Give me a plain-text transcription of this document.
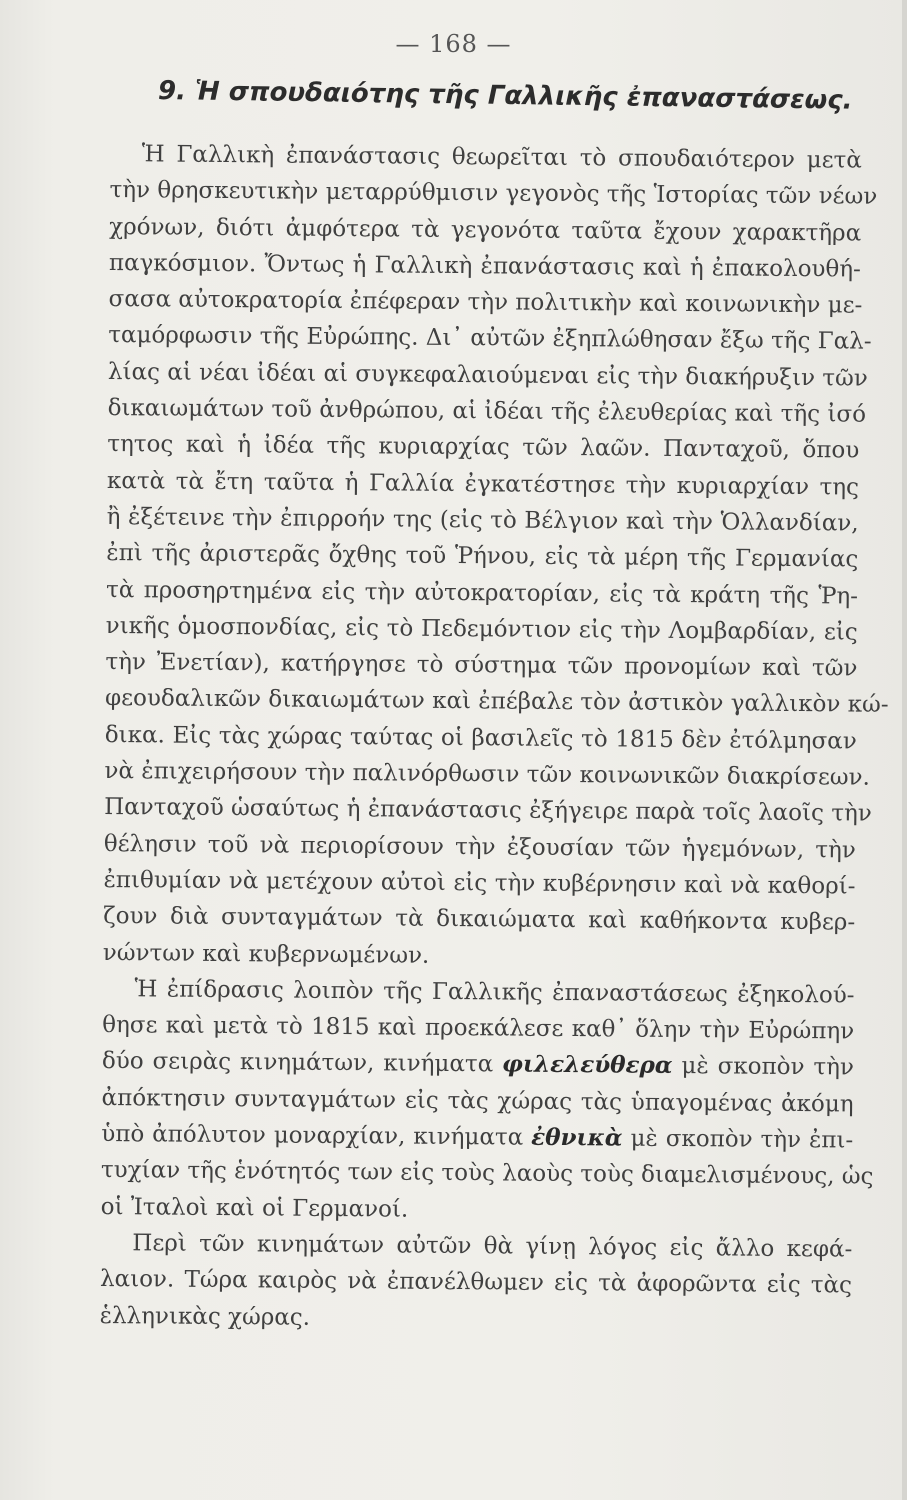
— 168 —
9. Ἡ σπουδαιότης τῆς Γαλλικῆς ἐπαναστάσεως.
Ἡ Γαλλικὴ ἐπανάστασις θεωρεῖται τὸ σπουδαιότερον μετὰ
τὴν θρησκευτικὴν μεταρρύθμισιν γεγονὸς τῆς Ἱστορίας τῶν νέων
χρόνων, διότι ἀμφότερα τὰ γεγονότα ταῦτα ἔχουν χαρακτῆρα
παγκόσμιον. Ὄντως ἡ Γαλλικὴ ἐπανάστασις καὶ ἡ ἐπακολουθή-
σασα αὐτοκρατορία ἐπέφεραν τὴν πολιτικὴν καὶ κοινωνικὴν με-
ταμόρφωσιν τῆς Εὐρώπης. Δι᾽ αὐτῶν ἐξηπλώθησαν ἔξω τῆς Γαλ-
λίας αἱ νέαι ἰδέαι αἱ συγκεφαλαιούμεναι εἰς τὴν διακήρυξιν τῶν
δικαιωμάτων τοῦ ἀνθρώπου, αἱ ἰδέαι τῆς ἐλευθερίας καὶ τῆς ἰσό
τητος καὶ ἡ ἰδέα τῆς κυριαρχίας τῶν λαῶν. Πανταχοῦ, ὅπου
κατὰ τὰ ἔτη ταῦτα ἡ Γαλλία ἐγκατέστησε τὴν κυριαρχίαν της
ἢ ἐξέτεινε τὴν ἐπιρροήν της (εἰς τὸ Βέλγιον καὶ τὴν Ὁλλανδίαν,
ἐπὶ τῆς ἀριστερᾶς ὄχθης τοῦ Ῥήνου, εἰς τὰ μέρη τῆς Γερμανίας
τὰ προσηρτημένα εἰς τὴν αὐτοκρατορίαν, εἰς τὰ κράτη τῆς Ῥη-
νικῆς ὁμοσπονδίας, εἰς τὸ Πεδεμόντιον εἰς τὴν Λομβαρδίαν, εἰς
τὴν Ἐνετίαν), κατήργησε τὸ σύστημα τῶν προνομίων καὶ τῶν
φεουδαλικῶν δικαιωμάτων καὶ ἐπέβαλε τὸν ἀστικὸν γαλλικὸν κώ-
δικα. Εἰς τὰς χώρας ταύτας οἱ βασιλεῖς τὸ 1815 δὲν ἐτόλμησαν
νὰ ἐπιχειρήσουν τὴν παλινόρθωσιν τῶν κοινωνικῶν διακρίσεων.
Πανταχοῦ ὡσαύτως ἡ ἐπανάστασις ἐξήγειρε παρὰ τοῖς λαοῖς τὴν
θέλησιν τοῦ νὰ περιορίσουν τὴν ἐξουσίαν τῶν ἡγεμόνων, τὴν
ἐπιθυμίαν νὰ μετέχουν αὐτοὶ εἰς τὴν κυβέρνησιν καὶ νὰ καθορί-
ζουν διὰ συνταγμάτων τὰ δικαιώματα καὶ καθήκοντα κυβερ-
νώντων καὶ κυβερνωμένων.
Ἡ ἐπίδρασις λοιπὸν τῆς Γαλλικῆς ἐπαναστάσεως ἐξηκολού-
θησε καὶ μετὰ τὸ 1815 καὶ προεκάλεσε καθ᾽ ὅλην τὴν Εὐρώπην
δύο σειρὰς κινημάτων, κινήματα φιλελεύθερα μὲ σκοπὸν τὴν
ἀπόκτησιν συνταγμάτων εἰς τὰς χώρας τὰς ὑπαγομένας ἀκόμη
ὑπὸ ἀπόλυτον μοναρχίαν, κινήματα ἐθνικὰ μὲ σκοπὸν τὴν ἐπι-
τυχίαν τῆς ἑνότητός των εἰς τοὺς λαοὺς τοὺς διαμελισμένους, ὡς
οἱ Ἰταλοὶ καὶ οἱ Γερμανοί.
Περὶ τῶν κινημάτων αὐτῶν θὰ γίνῃ λόγος εἰς ἄλλο κεφά-
λαιον. Τώρα καιρὸς νὰ ἐπανέλθωμεν εἰς τὰ ἀφορῶντα εἰς τὰς
ἑλληνικὰς χώρας.
